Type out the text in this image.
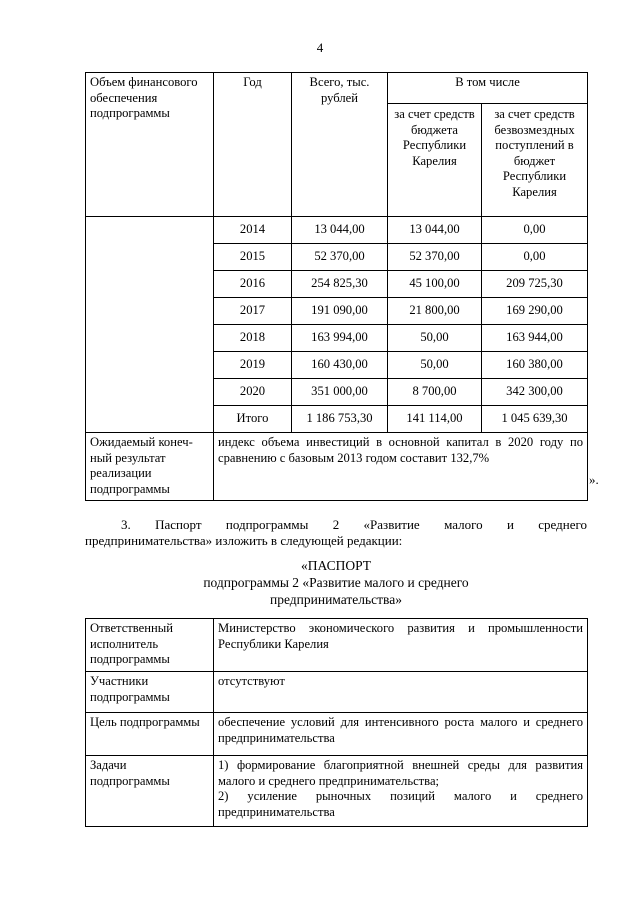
4
Объем финансового обеспечения подпрограммы	Год	Всего, тыс. рублей	В том числе	
			за счет средств бюджета Республики Карелия	за счет средств безвозмездных поступлений в бюджет Республики Карелия
	2014	13 044,00	13 044,00	0,00
	2015	52 370,00	52 370,00	0,00
	2016	254 825,30	45 100,00	209 725,30
	2017	191 090,00	21 800,00	169 290,00
	2018	163 994,00	50,00	163 944,00
	2019	160 430,00	50,00	160 380,00
	2020	351 000,00	8 700,00	342 300,00
	Итого	1 186 753,30	141 114,00	1 045 639,30
Ожидаемый конеч-ный результат реализации подпрограммы	индекс объема инвестиций в основной капитал в 2020 году по сравнению с базовым 2013 годом составит 132,7%			
».
3. Паспорт подпрограммы 2 «Развитие малого и среднего
предпринимательства» изложить в следующей редакции:
«ПАСПОРТ
подпрограммы 2 «Развитие малого и среднего
предпринимательства»
Ответственный исполнитель подпрограммы	Министерство экономического развития и промышленности Республики Карелия
Участники подпрограммы	отсутствуют
Цель подпрограммы	обеспечение условий для интенсивного роста малого и среднего предпринимательства
Задачи подпрограммы	1) формирование благоприятной внешней среды для развития малого и среднего предпринимательства;
2) усиление рыночных позиций малого и среднего предпринимательства
